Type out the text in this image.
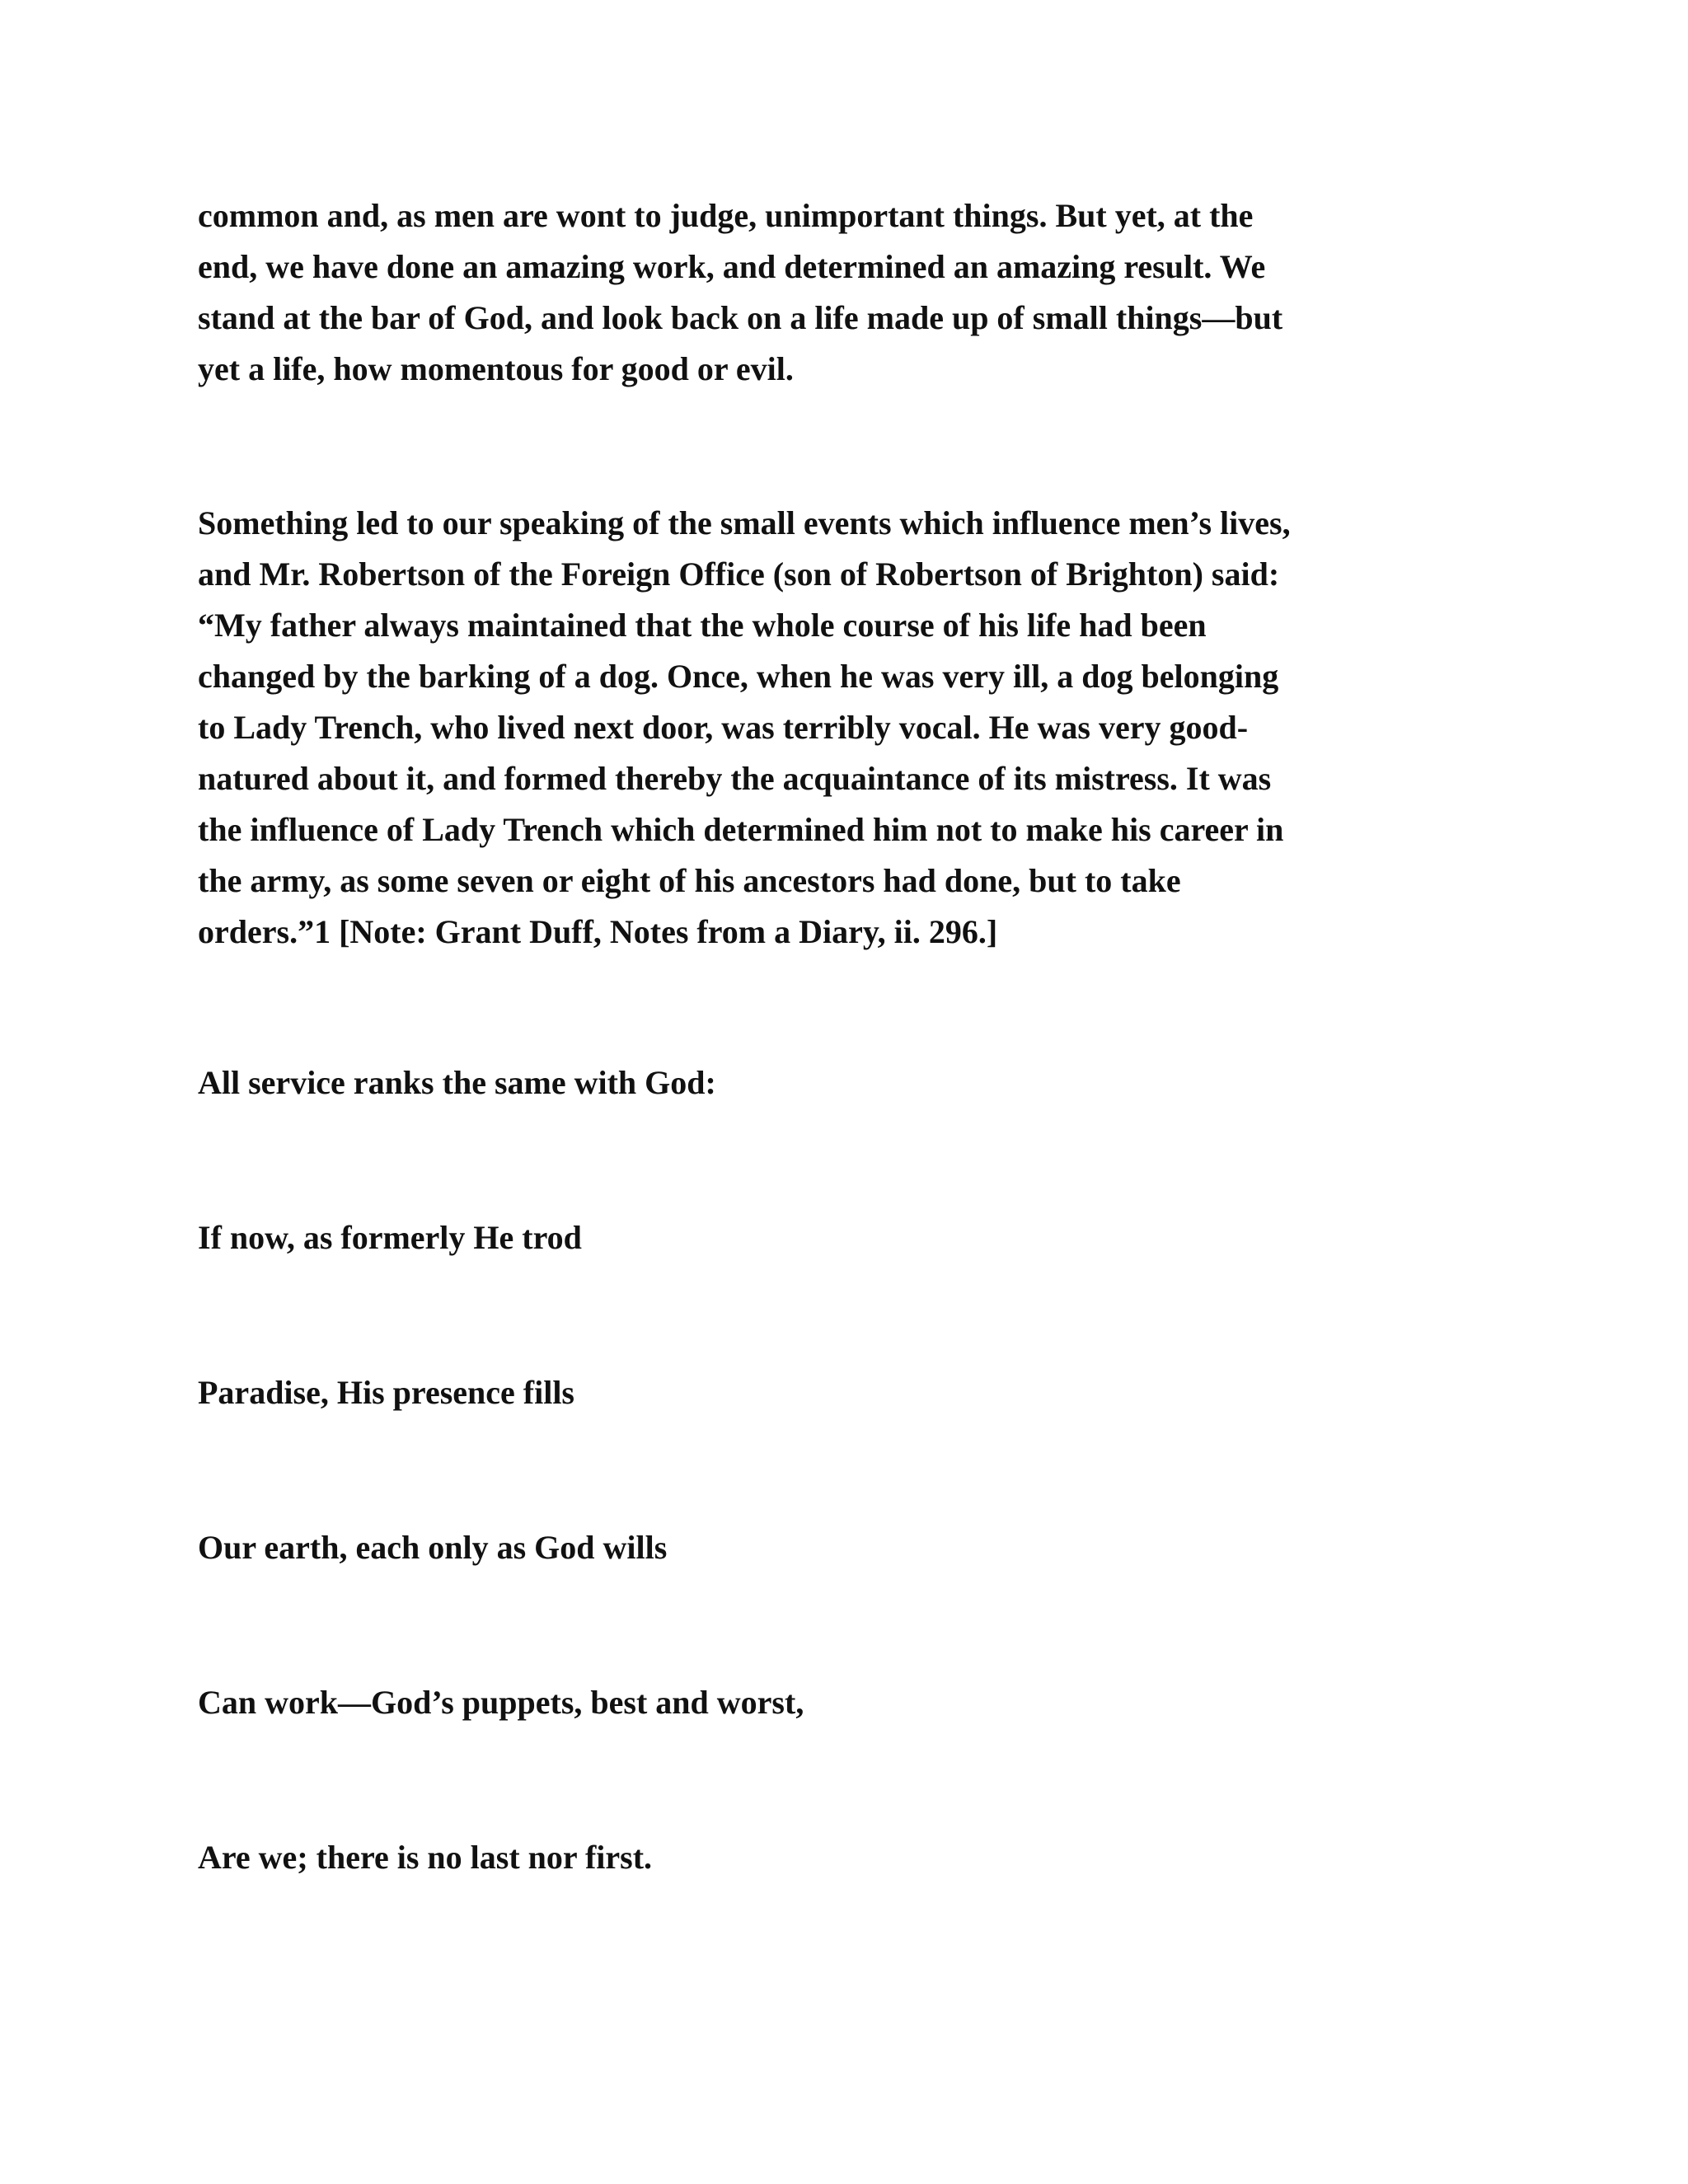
common and, as men are wont to judge, unimportant things. But yet, at the
end, we have done an amazing work, and determined an amazing result. We
stand at the bar of God, and look back on a life made up of small things—but
yet a life, how momentous for good or evil.

Something led to our speaking of the small events which influence men’s lives,
and Mr. Robertson of the Foreign Office (son of Robertson of Brighton) said:
“My father always maintained that the whole course of his life had been
changed by the barking of a dog. Once, when he was very ill, a dog belonging
to Lady Trench, who lived next door, was terribly vocal. He was very good-
natured about it, and formed thereby the acquaintance of its mistress. It was
the influence of Lady Trench which determined him not to make his career in
the army, as some seven or eight of his ancestors had done, but to take
orders.”1 [Note: Grant Duff, Notes from a Diary, ii. 296.]

All service ranks the same with God:

If now, as formerly He trod

Paradise, His presence fills

Our earth, each only as God wills

Can work—God’s puppets, best and worst,

Are we; there is no last nor first.
